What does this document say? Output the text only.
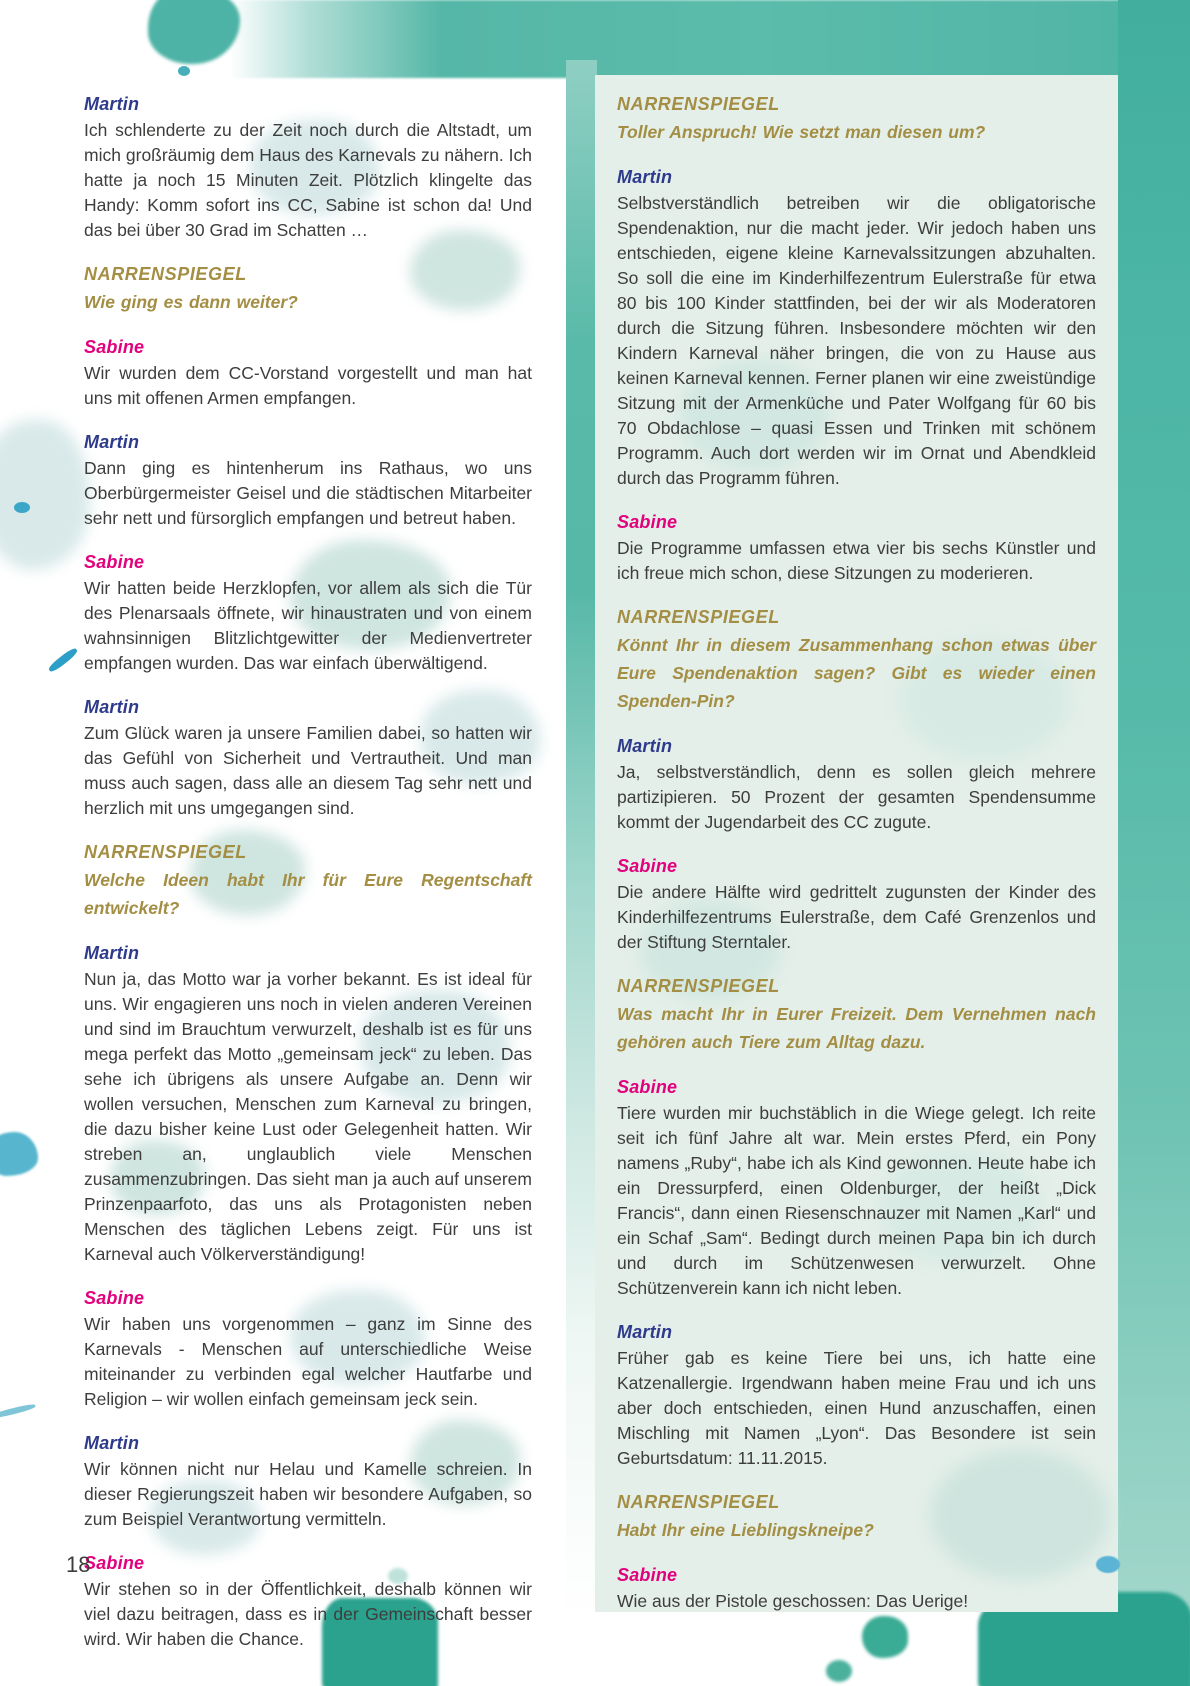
Martin
Ich schlenderte zu der Zeit noch durch die Altstadt, um mich großräumig dem Haus des Karnevals zu nähern. Ich hatte ja noch 15 Minuten Zeit. Plötzlich klingelte das Handy: Komm sofort ins CC, Sabine ist schon da! Und das bei über 30 Grad im Schatten …
NARRENSPIEGEL
Wie ging es dann weiter?
Sabine
Wir wurden dem CC-Vorstand vorgestellt und man hat uns mit offenen Armen empfangen.
Martin
Dann ging es hintenherum ins Rathaus, wo uns Oberbürgermeister Geisel und die städtischen Mitarbeiter sehr nett und fürsorglich empfangen und betreut haben.
Sabine
Wir hatten beide Herzklopfen, vor allem als sich die Tür des Plenarsaals öffnete, wir hinaustraten und von einem wahnsinnigen Blitzlichtgewitter der Medienvertreter empfangen wurden. Das war einfach überwältigend.
Martin
Zum Glück waren ja unsere Familien dabei, so hatten wir das Gefühl von Sicherheit und Vertrautheit. Und man muss auch sagen, dass alle an diesem Tag sehr nett und herzlich mit uns umgegangen sind.
NARRENSPIEGEL
Welche Ideen habt Ihr für Eure Regentschaft entwickelt?
Martin
Nun ja, das Motto war ja vorher bekannt. Es ist ideal für uns. Wir engagieren uns noch in vielen anderen Vereinen und sind im Brauchtum verwurzelt, deshalb ist es für uns mega perfekt das Motto „gemeinsam jeck“ zu leben. Das sehe ich übrigens als unsere Aufgabe an. Denn wir wollen versuchen, Menschen zum Karneval zu bringen, die dazu bisher keine Lust oder Gelegenheit hatten. Wir streben an, unglaublich viele Menschen zusammenzubringen. Das sieht man ja auch auf unserem Prinzenpaarfoto, das uns als Protagonisten neben Menschen des täglichen Lebens zeigt. Für uns ist Karneval auch Völkerverständigung!
Sabine
Wir haben uns vorgenommen – ganz im Sinne des Karnevals - Menschen auf unterschiedliche Weise miteinander zu verbinden egal welcher Hautfarbe und Religion – wir wollen einfach gemeinsam jeck sein.
Martin
Wir können nicht nur Helau und Kamelle schreien. In dieser Regierungszeit haben wir besondere Aufgaben, so zum Beispiel Verantwortung vermitteln.
Sabine
Wir stehen so in der Öffentlichkeit, deshalb können wir viel dazu beitragen, dass es in der Gemeinschaft besser wird. Wir haben die Chance.
NARRENSPIEGEL
Toller Anspruch! Wie setzt man diesen um?
Martin
Selbstverständlich betreiben wir die obligatorische Spendenaktion, nur die macht jeder. Wir jedoch haben uns entschieden, eigene kleine Karnevalssitzungen abzuhalten. So soll die eine im Kinderhilfezentrum Eulerstraße für etwa 80 bis 100 Kinder stattfinden, bei der wir als Moderatoren durch die Sitzung führen. Insbesondere möchten wir den Kindern Karneval näher bringen, die von zu Hause aus keinen Karneval kennen. Ferner planen wir eine zweistündige Sitzung mit der Armenküche und Pater Wolfgang für 60 bis 70 Obdachlose – quasi Essen und Trinken mit schönem Programm. Auch dort werden wir im Ornat und Abendkleid durch das Programm führen.
Sabine
Die Programme umfassen etwa vier bis sechs Künstler und ich freue mich schon, diese Sitzungen zu moderieren.
NARRENSPIEGEL
Könnt Ihr in diesem Zusammenhang schon etwas über Eure Spendenaktion sagen? Gibt es wieder einen Spenden-Pin?
Martin
Ja, selbstverständlich, denn es sollen gleich mehrere partizipieren. 50 Prozent der gesamten Spendensumme kommt der Jugendarbeit des CC zugute.
Sabine
Die andere Hälfte wird gedrittelt zugunsten der Kinder des Kinderhilfezentrums Eulerstraße, dem Café Grenzenlos und der Stiftung Sterntaler.
NARRENSPIEGEL
Was macht Ihr in Eurer Freizeit. Dem Vernehmen nach gehören auch Tiere zum Alltag dazu.
Sabine
Tiere wurden mir buchstäblich in die Wiege gelegt. Ich reite seit ich fünf Jahre alt war. Mein erstes Pferd, ein Pony namens „Ruby“, habe ich als Kind gewonnen. Heute habe ich ein Dressurpferd, einen Oldenburger, der heißt „Dick Francis“, dann einen Riesenschnauzer mit Namen „Karl“ und ein Schaf „Sam“. Bedingt durch meinen Papa bin ich durch und durch im Schützenwesen verwurzelt. Ohne Schützenverein kann ich nicht leben.
Martin
Früher gab es keine Tiere bei uns, ich hatte eine Katzenallergie. Irgendwann haben meine Frau und ich uns aber doch entschieden, einen Hund anzuschaffen, einen Mischling mit Namen „Lyon“. Das Besondere ist sein Geburtsdatum: 11.11.2015.
NARRENSPIEGEL
Habt Ihr eine Lieblingskneipe?
Sabine
Wie aus der Pistole geschossen: Das Uerige!
18
